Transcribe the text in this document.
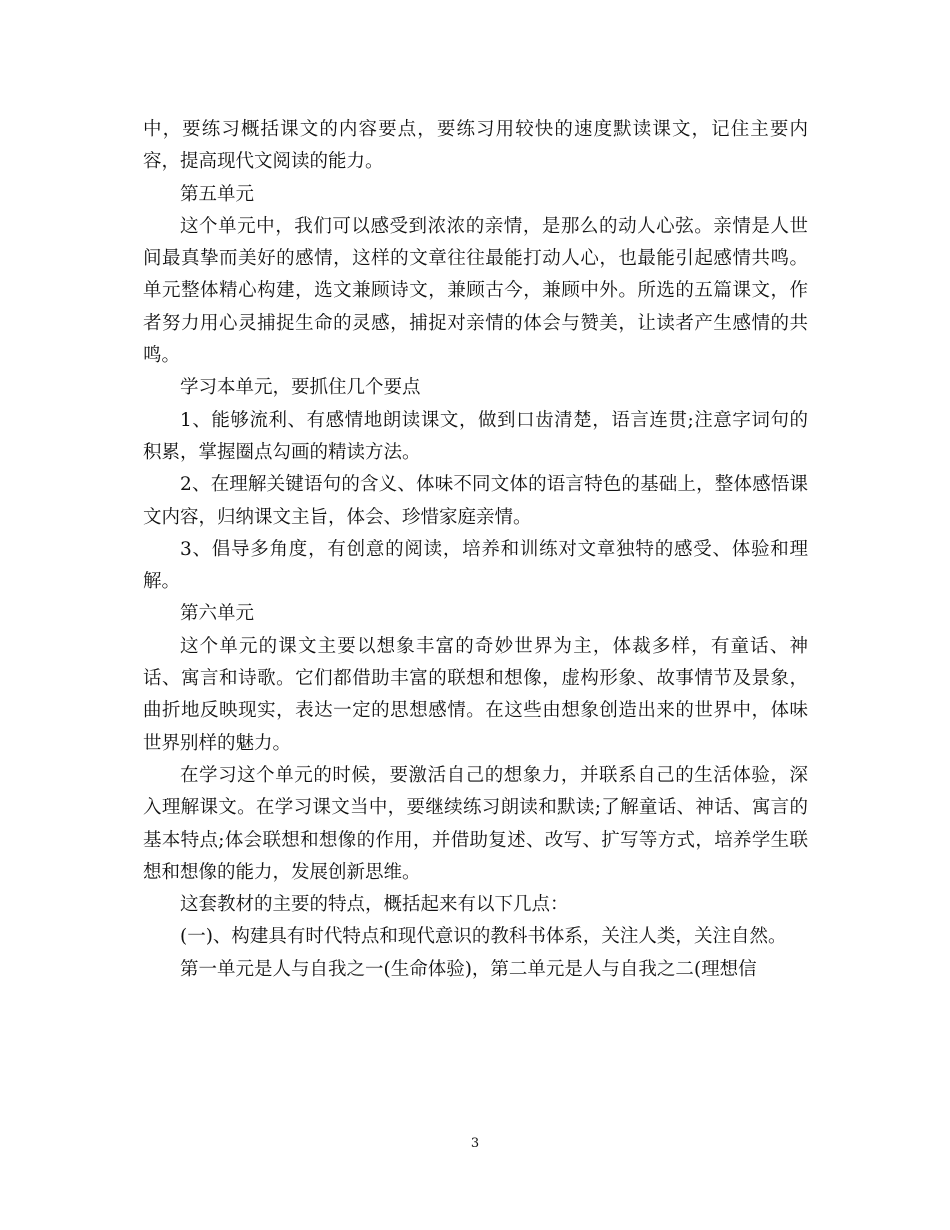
中，要练习概括课文的内容要点，要练习用较快的速度默读课文，记住主要内容，提高现代文阅读的能力。

第五单元

这个单元中，我们可以感受到浓浓的亲情，是那么的动人心弦。亲情是人世间最真挚而美好的感情，这样的文章往往最能打动人心，也最能引起感情共鸣。单元整体精心构建，选文兼顾诗文，兼顾古今，兼顾中外。所选的五篇课文，作者努力用心灵捕捉生命的灵感，捕捉对亲情的体会与赞美，让读者产生感情的共鸣。

学习本单元，要抓住几个要点

1、能够流利、有感情地朗读课文，做到口齿清楚，语言连贯;注意字词句的积累，掌握圈点勾画的精读方法。

2、在理解关键语句的含义、体味不同文体的语言特色的基础上，整体感悟课文内容，归纳课文主旨，体会、珍惜家庭亲情。

3、倡导多角度，有创意的阅读，培养和训练对文章独特的感受、体验和理解。

第六单元

这个单元的课文主要以想象丰富的奇妙世界为主，体裁多样，有童话、神话、寓言和诗歌。它们都借助丰富的联想和想像，虚构形象、故事情节及景象，曲折地反映现实，表达一定的思想感情。在这些由想象创造出来的世界中，体味世界别样的魅力。

在学习这个单元的时候，要激活自己的想象力，并联系自己的生活体验，深入理解课文。在学习课文当中，要继续练习朗读和默读;了解童话、神话、寓言的基本特点;体会联想和想像的作用，并借助复述、改写、扩写等方式，培养学生联想和想像的能力，发展创新思维。

这套教材的主要的特点，概括起来有以下几点：

(一)、构建具有时代特点和现代意识的教科书体系，关注人类，关注自然。

第一单元是人与自我之一(生命体验)，第二单元是人与自我之二(理想信

3
